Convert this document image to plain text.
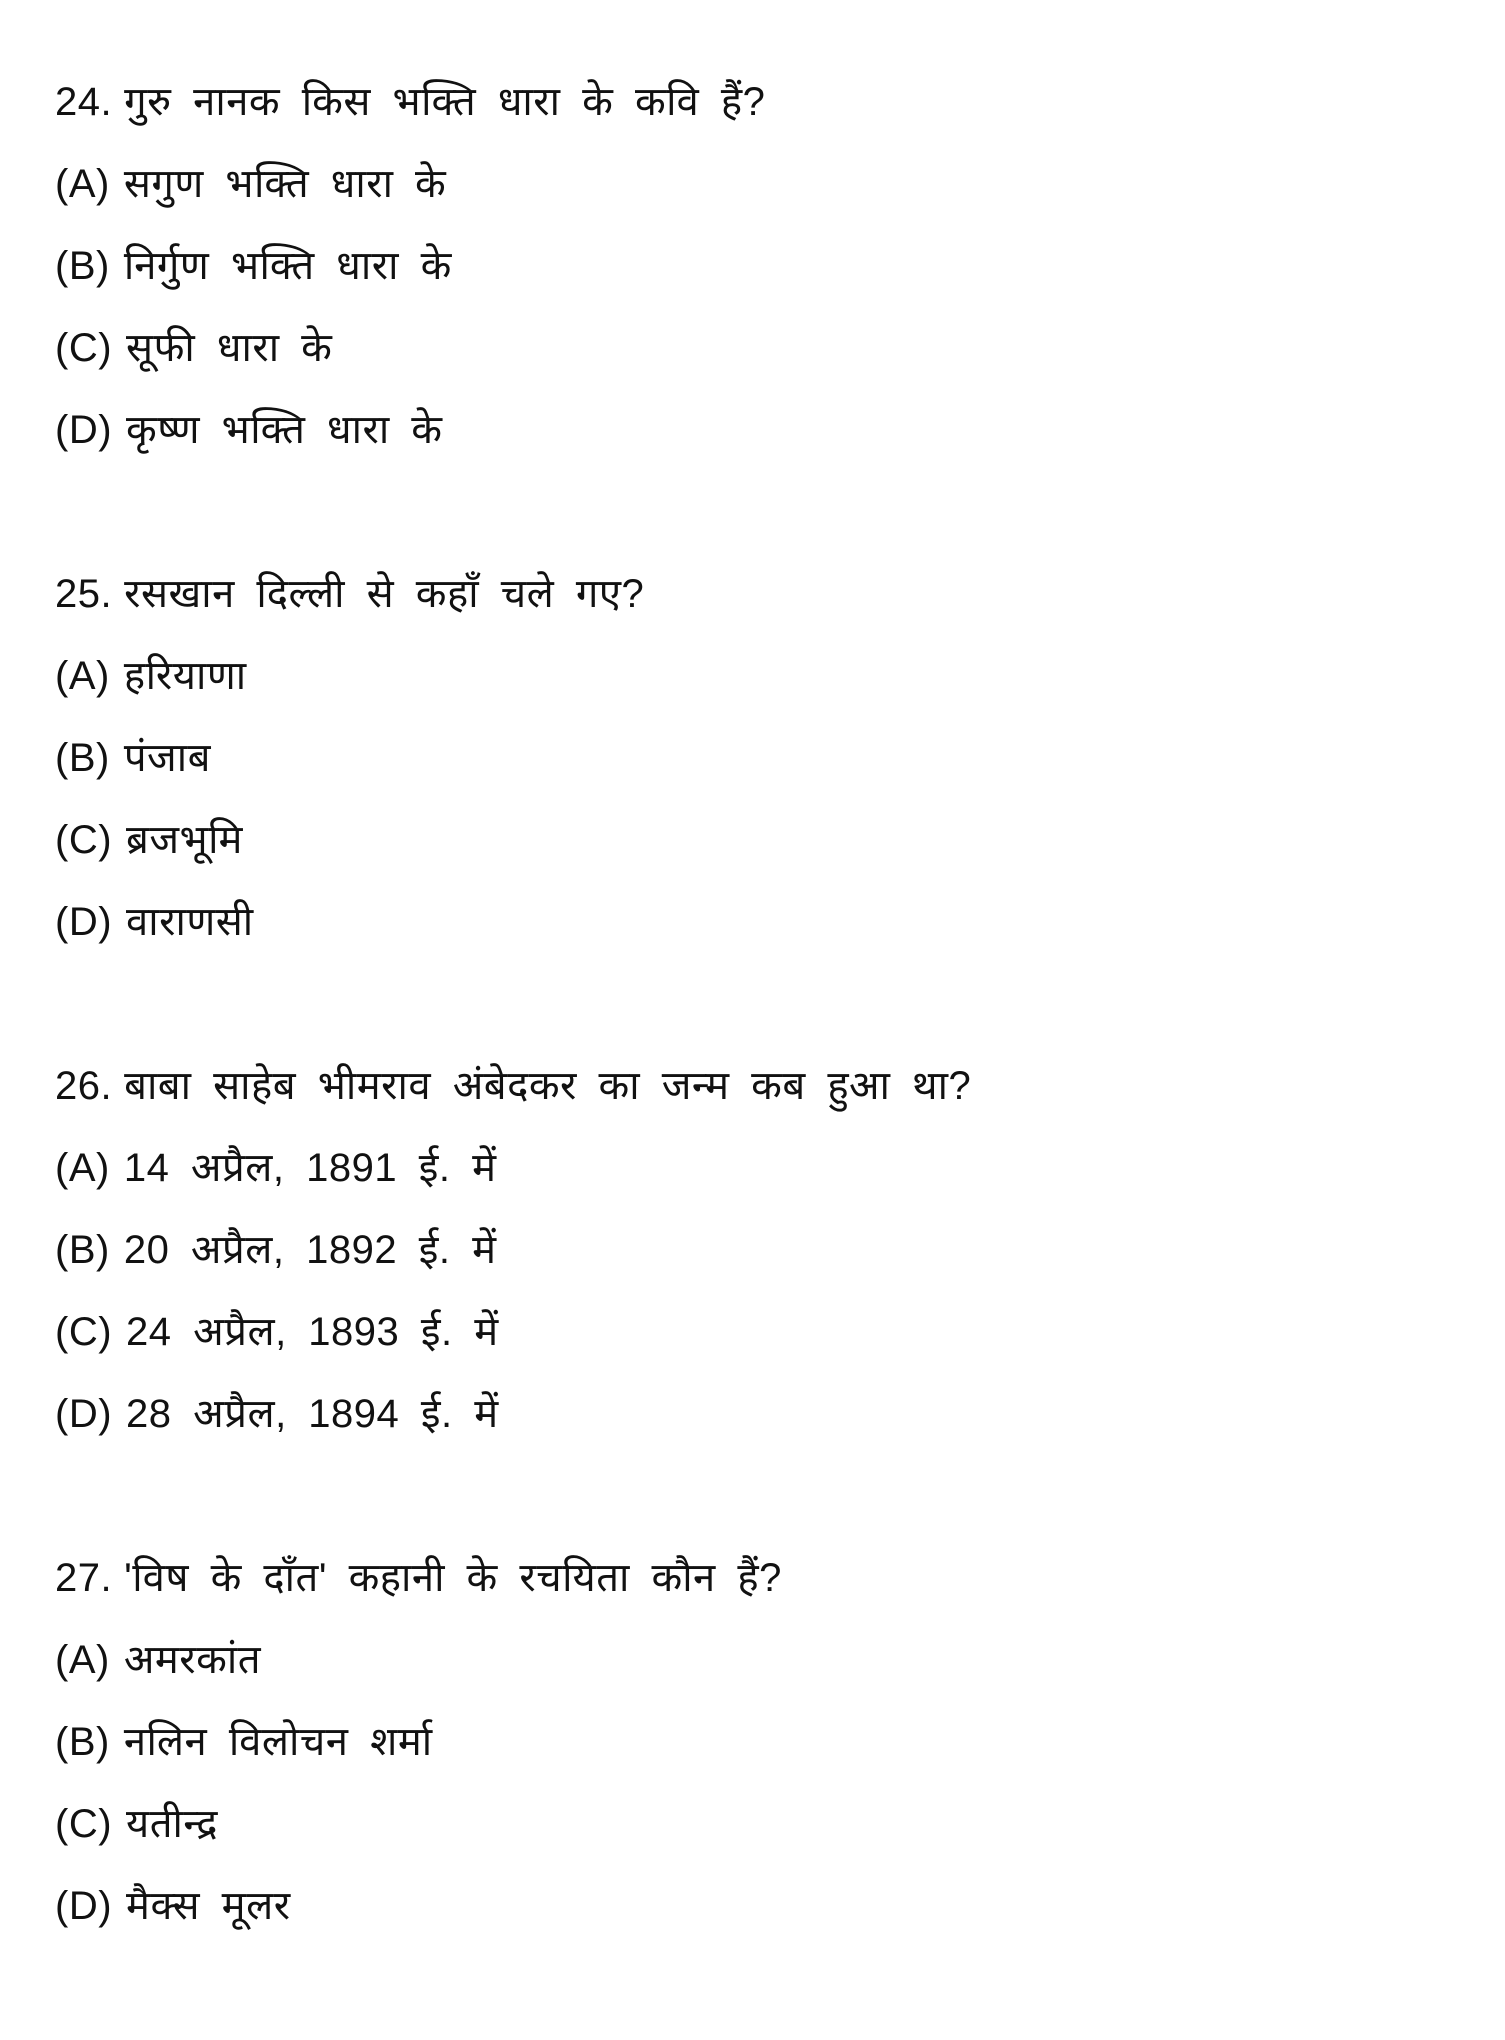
24. गुरु नानक किस भक्ति धारा के कवि हैं?
(A) सगुण भक्ति धारा के
(B) निर्गुण भक्ति धारा के
(C) सूफी धारा के
(D) कृष्ण भक्ति धारा के
25. रसखान दिल्ली से कहाँ चले गए?
(A) हरियाणा
(B) पंजाब
(C) ब्रजभूमि
(D) वाराणसी
26. बाबा साहेब भीमराव अंबेदकर का जन्म कब हुआ था?
(A) 14 अप्रैल, 1891 ई. में
(B) 20 अप्रैल, 1892 ई. में
(C) 24 अप्रैल, 1893 ई. में
(D) 28 अप्रैल, 1894 ई. में
27. 'विष के दाँत' कहानी के रचयिता कौन हैं?
(A) अमरकांत
(B) नलिन विलोचन शर्मा
(C) यतीन्द्र
(D) मैक्स मूलर
